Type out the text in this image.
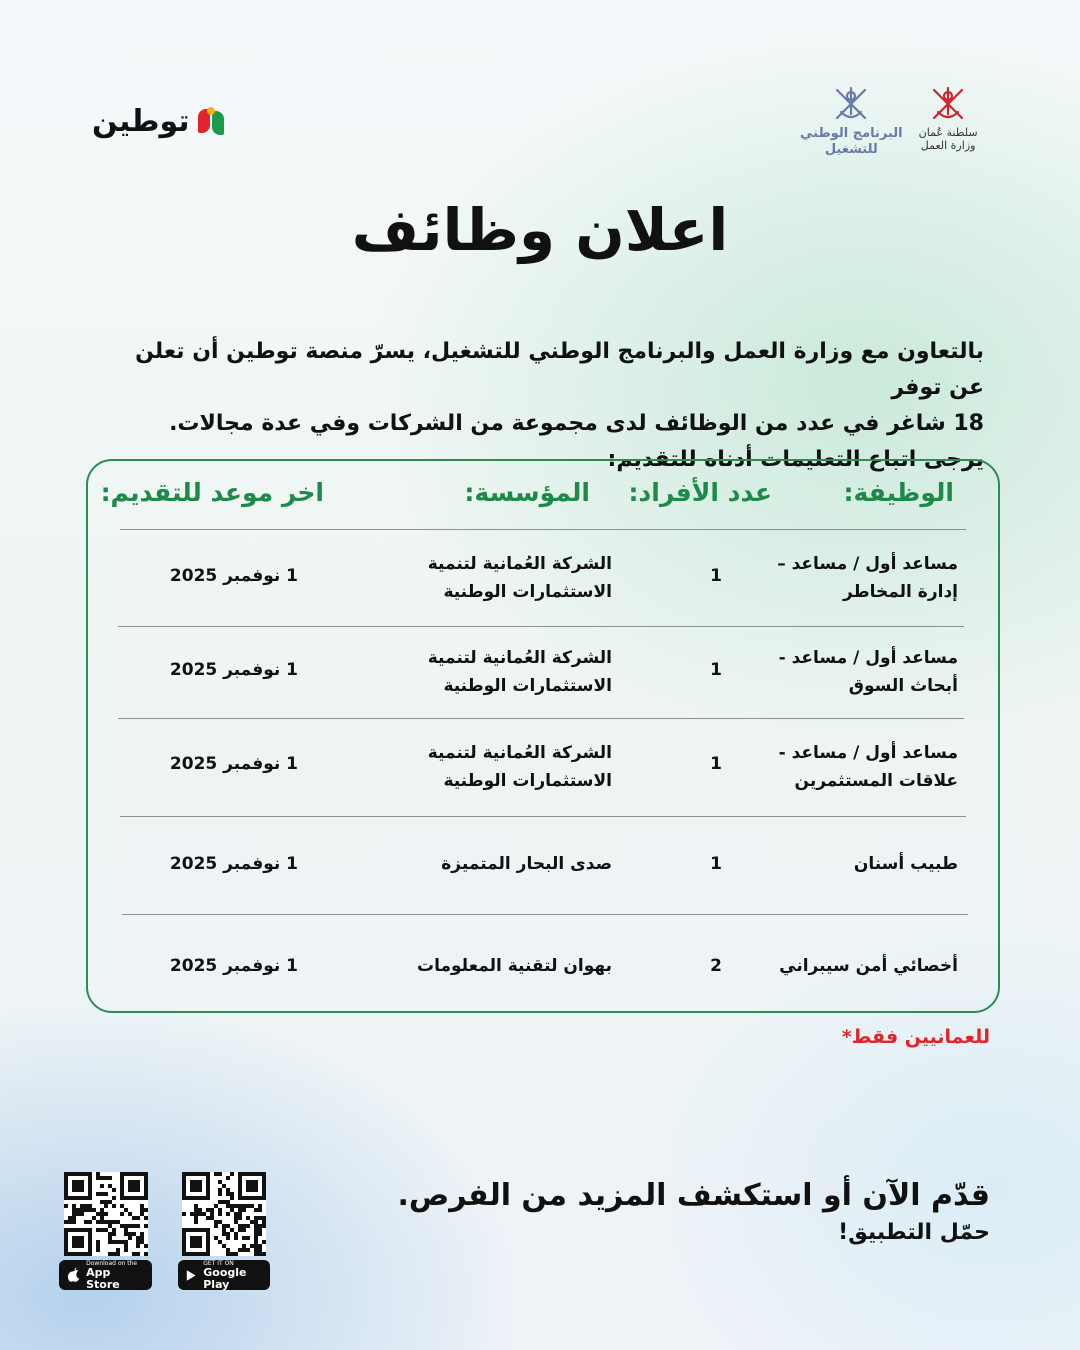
توطين	البرنامج الوطني
للتشغيل
سلطنة عُمان
وزارة العمل
اعلان وظائف

بالتعاون مع وزارة العمل والبرنامج الوطني للتشغيل، يسرّ منصة توطين أن تعلن عن توفر

18 شاغر في عدد من الوظائف لدى مجموعة من الشركات وفي عدة مجالات.

يرجى اتباع التعليمات أدناه للتقديم:

الوظيفة:
عدد الأفراد:
المؤسسة:
اخر موعد للتقديم:
مساعد أول / مساعد –
إدارة المخاطر
1
الشركة العُمانية لتنمية
الاستثمارات الوطنية
1 نوفمبر 2025
مساعد أول / مساعد -
أبحاث السوق
1
الشركة العُمانية لتنمية
الاستثمارات الوطنية
1 نوفمبر 2025
مساعد أول / مساعد -
علاقات المستثمرين
1
الشركة العُمانية لتنمية
الاستثمارات الوطنية
1 نوفمبر 2025
طبيب أسنان
1
صدى البحار المتميزة
1 نوفمبر 2025
أخصائي أمن سيبراني
2
بهوان لتقنية المعلومات
1 نوفمبر 2025
للعمانيين فقط*
قدّم الآن أو استكشف المزيد من الفرص.
حمّل التطبيق!
GET IT ON
Google Play
Download on the
App Store
